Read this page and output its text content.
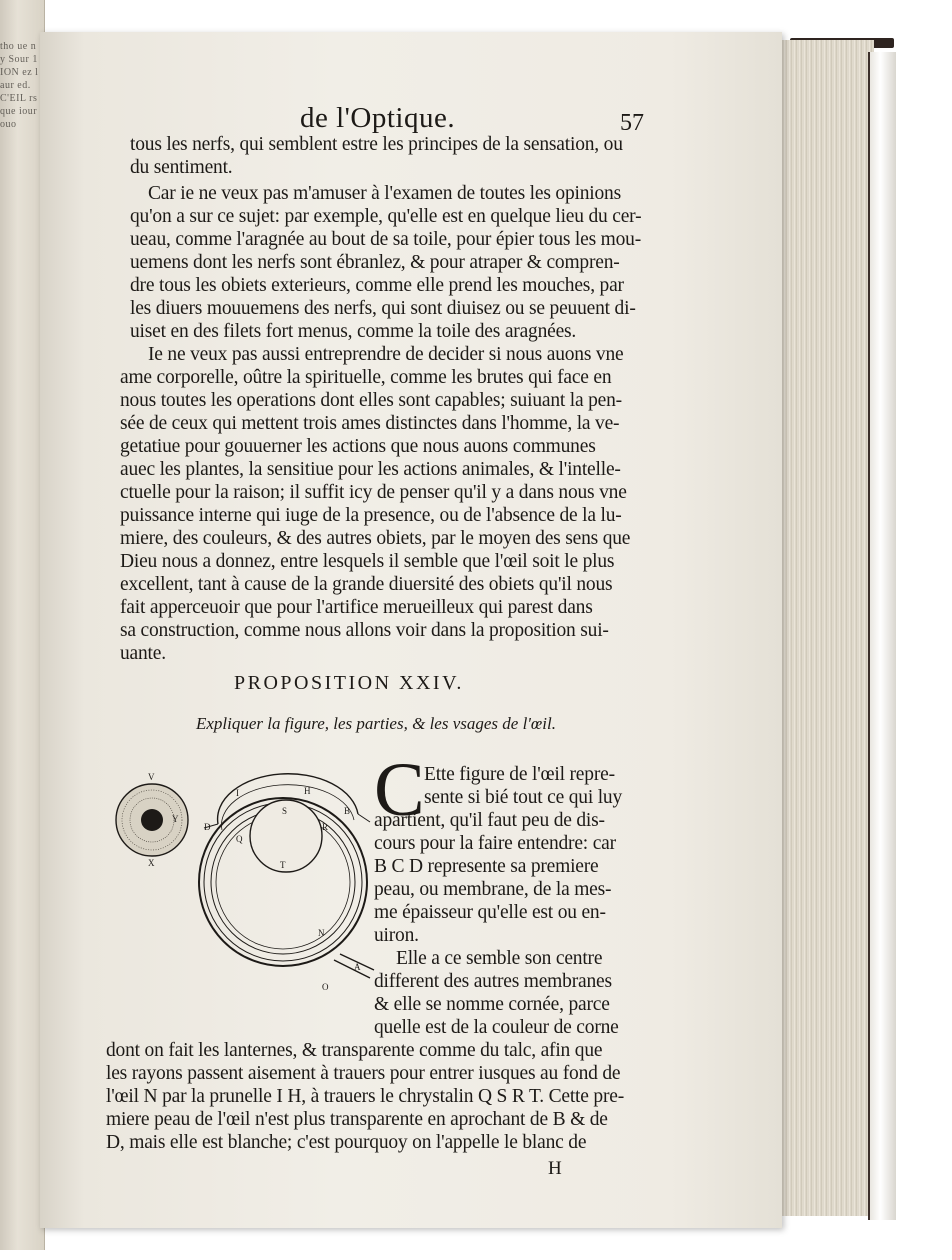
tho ue ny Sour 1 ION ez laur ed. C'EIL rs que iour ouo	de l'Optique.	57
tous les nerfs, qui semblent estre les principes de la sensation, ou
du sentiment.
Car ie ne veux pas m'amuser à l'examen de toutes les opinions
qu'on a sur ce sujet: par exemple, qu'elle est en quelque lieu du cer-
ueau, comme l'aragnée au bout de sa toile, pour épier tous les mou-
uemens dont les nerfs sont ébranlez, & pour atraper & compren-
dre tous les obiets exterieurs, comme elle prend les mouches, par
les diuers mouuemens des nerfs, qui sont diuisez ou se peuuent di-
uiset en des filets fort menus, comme la toile des aragnées.
Ie ne veux pas aussi entreprendre de decider si nous auons vne
ame corporelle, oûtre la spirituelle, comme les brutes qui face en
nous toutes les operations dont elles sont capables; suiuant la pen-
sée de ceux qui mettent trois ames distinctes dans l'homme, la ve-
getatiue pour gouuerner les actions que nous auons communes
auec les plantes, la sensitiue pour les actions animales, & l'intelle-
ctuelle pour la raison; il suffit icy de penser qu'il y a dans nous vne
puissance interne qui iuge de la presence, ou de l'absence de la lu-
miere, des couleurs, & des autres obiets, par le moyen des sens que
Dieu nous a donnez, entre lesquels il semble que l'œil soit le plus
excellent, tant à cause de la grande diuersité des obiets qu'il nous
fait apperceuoir que pour l'artifice merueilleux qui parest dans
sa construction, comme nous allons voir dans la proposition sui-
uante.
PROPOSITION XXIV.
Expliquer la figure, les parties, & les vsages de l'œil.
V
Y
X
I	H
S	B
D
Q
R
T
N
A
O
C Ette figure de l'œil repre-
sente si bié tout ce qui luy
apartient, qu'il faut peu de dis-
cours pour la faire entendre: car
B C D represente sa premiere
peau, ou membrane, de la mes-
me épaisseur qu'elle est ou en-
uiron.
Elle a ce semble son centre
different des autres membranes
& elle se nomme cornée, parce
quelle est de la couleur de corne
dont on fait les lanternes, & transparente comme du talc, afin que
les rayons passent aisement à trauers pour entrer iusques au fond de
l'œil N par la prunelle I H, à trauers le chrystalin Q S R T. Cette pre-
miere peau de l'œil n'est plus transparente en aprochant de B & de
D, mais elle est blanche; c'est pourquoy on l'appelle le blanc de
H
